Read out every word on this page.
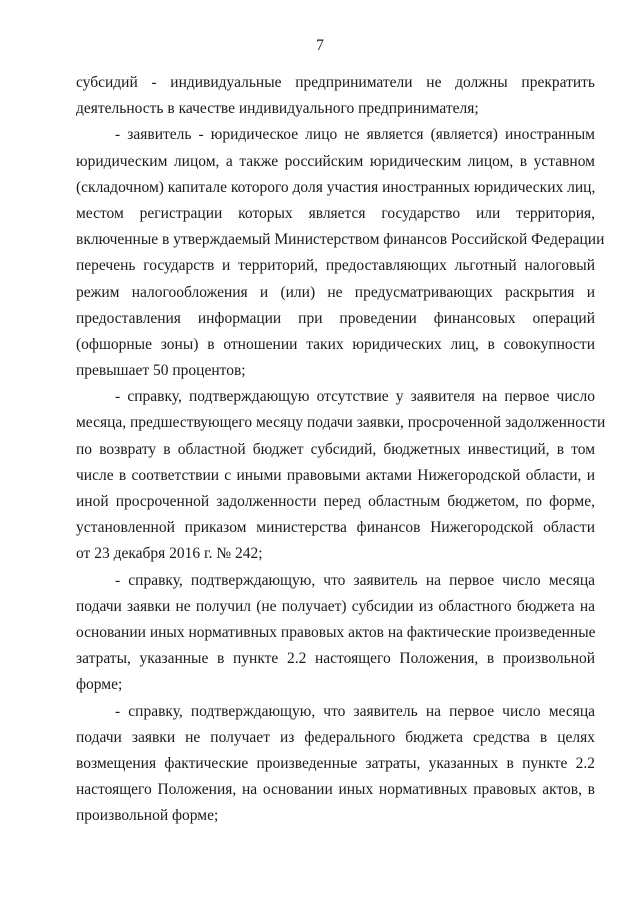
7
субсидий - индивидуальные предприниматели не должны прекратить
деятельность в качестве индивидуального предпринимателя;
- заявитель - юридическое лицо не является (является) иностранным
юридическим лицом, а также российским юридическим лицом, в уставном
(складочном) капитале которого доля участия иностранных юридических лиц,
местом регистрации которых является государство или территория,
включенные в утверждаемый Министерством финансов Российской Федерации
перечень государств и территорий, предоставляющих льготный налоговый
режим налогообложения и (или) не предусматривающих раскрытия и
предоставления информации при проведении финансовых операций
(офшорные зоны) в отношении таких юридических лиц, в совокупности
превышает 50 процентов;
- справку, подтверждающую отсутствие у заявителя на первое число
месяца, предшествующего месяцу подачи заявки, просроченной задолженности
по возврату в областной бюджет субсидий, бюджетных инвестиций, в том
числе в соответствии с иными правовыми актами Нижегородской области, и
иной просроченной задолженности перед областным бюджетом, по форме,
установленной приказом министерства финансов Нижегородской области
от 23 декабря 2016 г. № 242;
- справку, подтверждающую, что заявитель на первое число месяца
подачи заявки не получил (не получает) субсидии из областного бюджета на
основании иных нормативных правовых актов на фактические произведенные
затраты, указанные в пункте 2.2 настоящего Положения, в произвольной
форме;
- справку, подтверждающую, что заявитель на первое число месяца
подачи заявки не получает из федерального бюджета средства в целях
возмещения фактические произведенные затраты, указанных в пункте 2.2
настоящего Положения, на основании иных нормативных правовых актов, в
произвольной форме;
